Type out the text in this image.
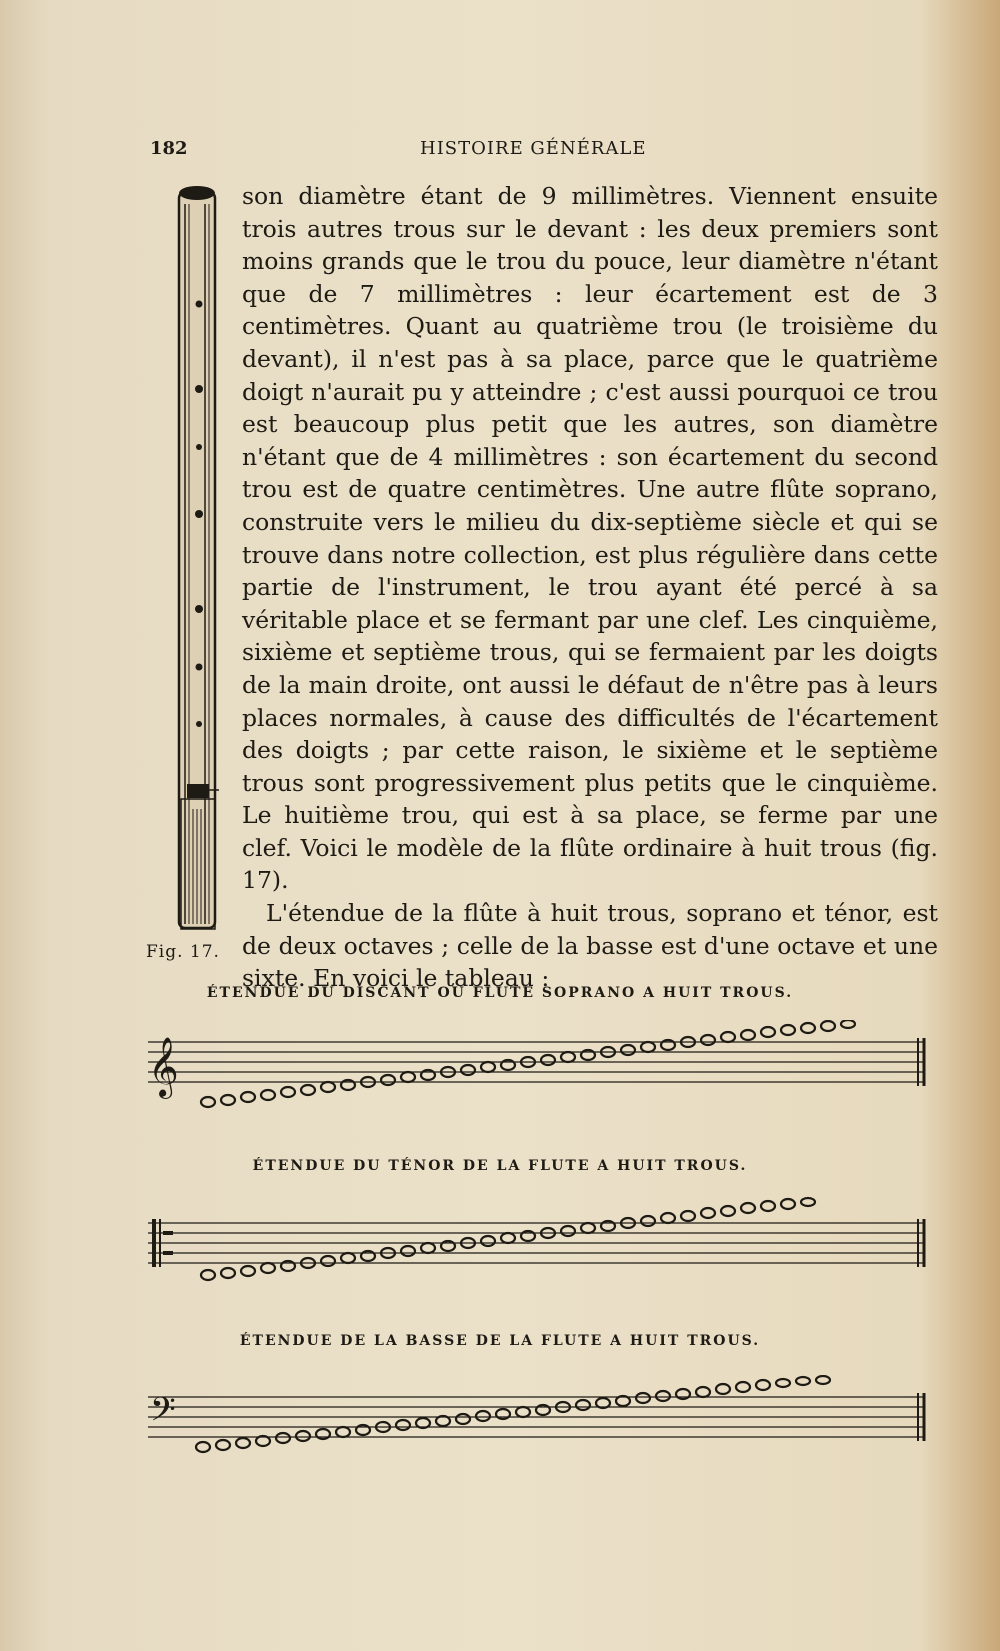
182	HISTOIRE GÉNÉRALE
Fig. 17.

son diamètre étant de 9 millimètres. Viennent ensuite trois autres trous sur le devant : les deux premiers sont moins grands que le trou du pouce, leur diamètre n'étant que de 7 millimètres : leur écartement est de 3 centimètres. Quant au quatrième trou (le troisième du devant), il n'est pas à sa place, parce que le quatrième doigt n'aurait pu y atteindre ; c'est aussi pourquoi ce trou est beaucoup plus petit que les autres, son diamètre n'étant que de 4 millimètres : son écartement du second trou est de quatre centimètres. Une autre flûte soprano, construite vers le milieu du dix-septième siècle et qui se trouve dans notre collection, est plus régulière dans cette partie de l'instrument, le trou ayant été percé à sa véritable place et se fermant par une clef. Les cinquième, sixième et septième trous, qui se fermaient par les doigts de la main droite, ont aussi le défaut de n'être pas à leurs places normales, à cause des difficultés de l'écartement des doigts ; par cette raison, le sixième et le septième trous sont progressivement plus petits que le cinquième. Le huitième trou, qui est à sa place, se ferme par une clef. Voici le modèle de la flûte ordinaire à huit trous (fig. 17).

L'étendue de la flûte à huit trous, soprano et ténor, est de deux octaves ; celle de la basse est d'une octave et une sixte. En voici le tableau :

ÉTENDUE DU DISCANT OU FLUTE SOPRANO A HUIT TROUS.
𝄞
ÉTENDUE DU TÉNOR DE LA FLUTE A HUIT TROUS.
ÉTENDUE DE LA BASSE DE LA FLUTE A HUIT TROUS.
𝄢
